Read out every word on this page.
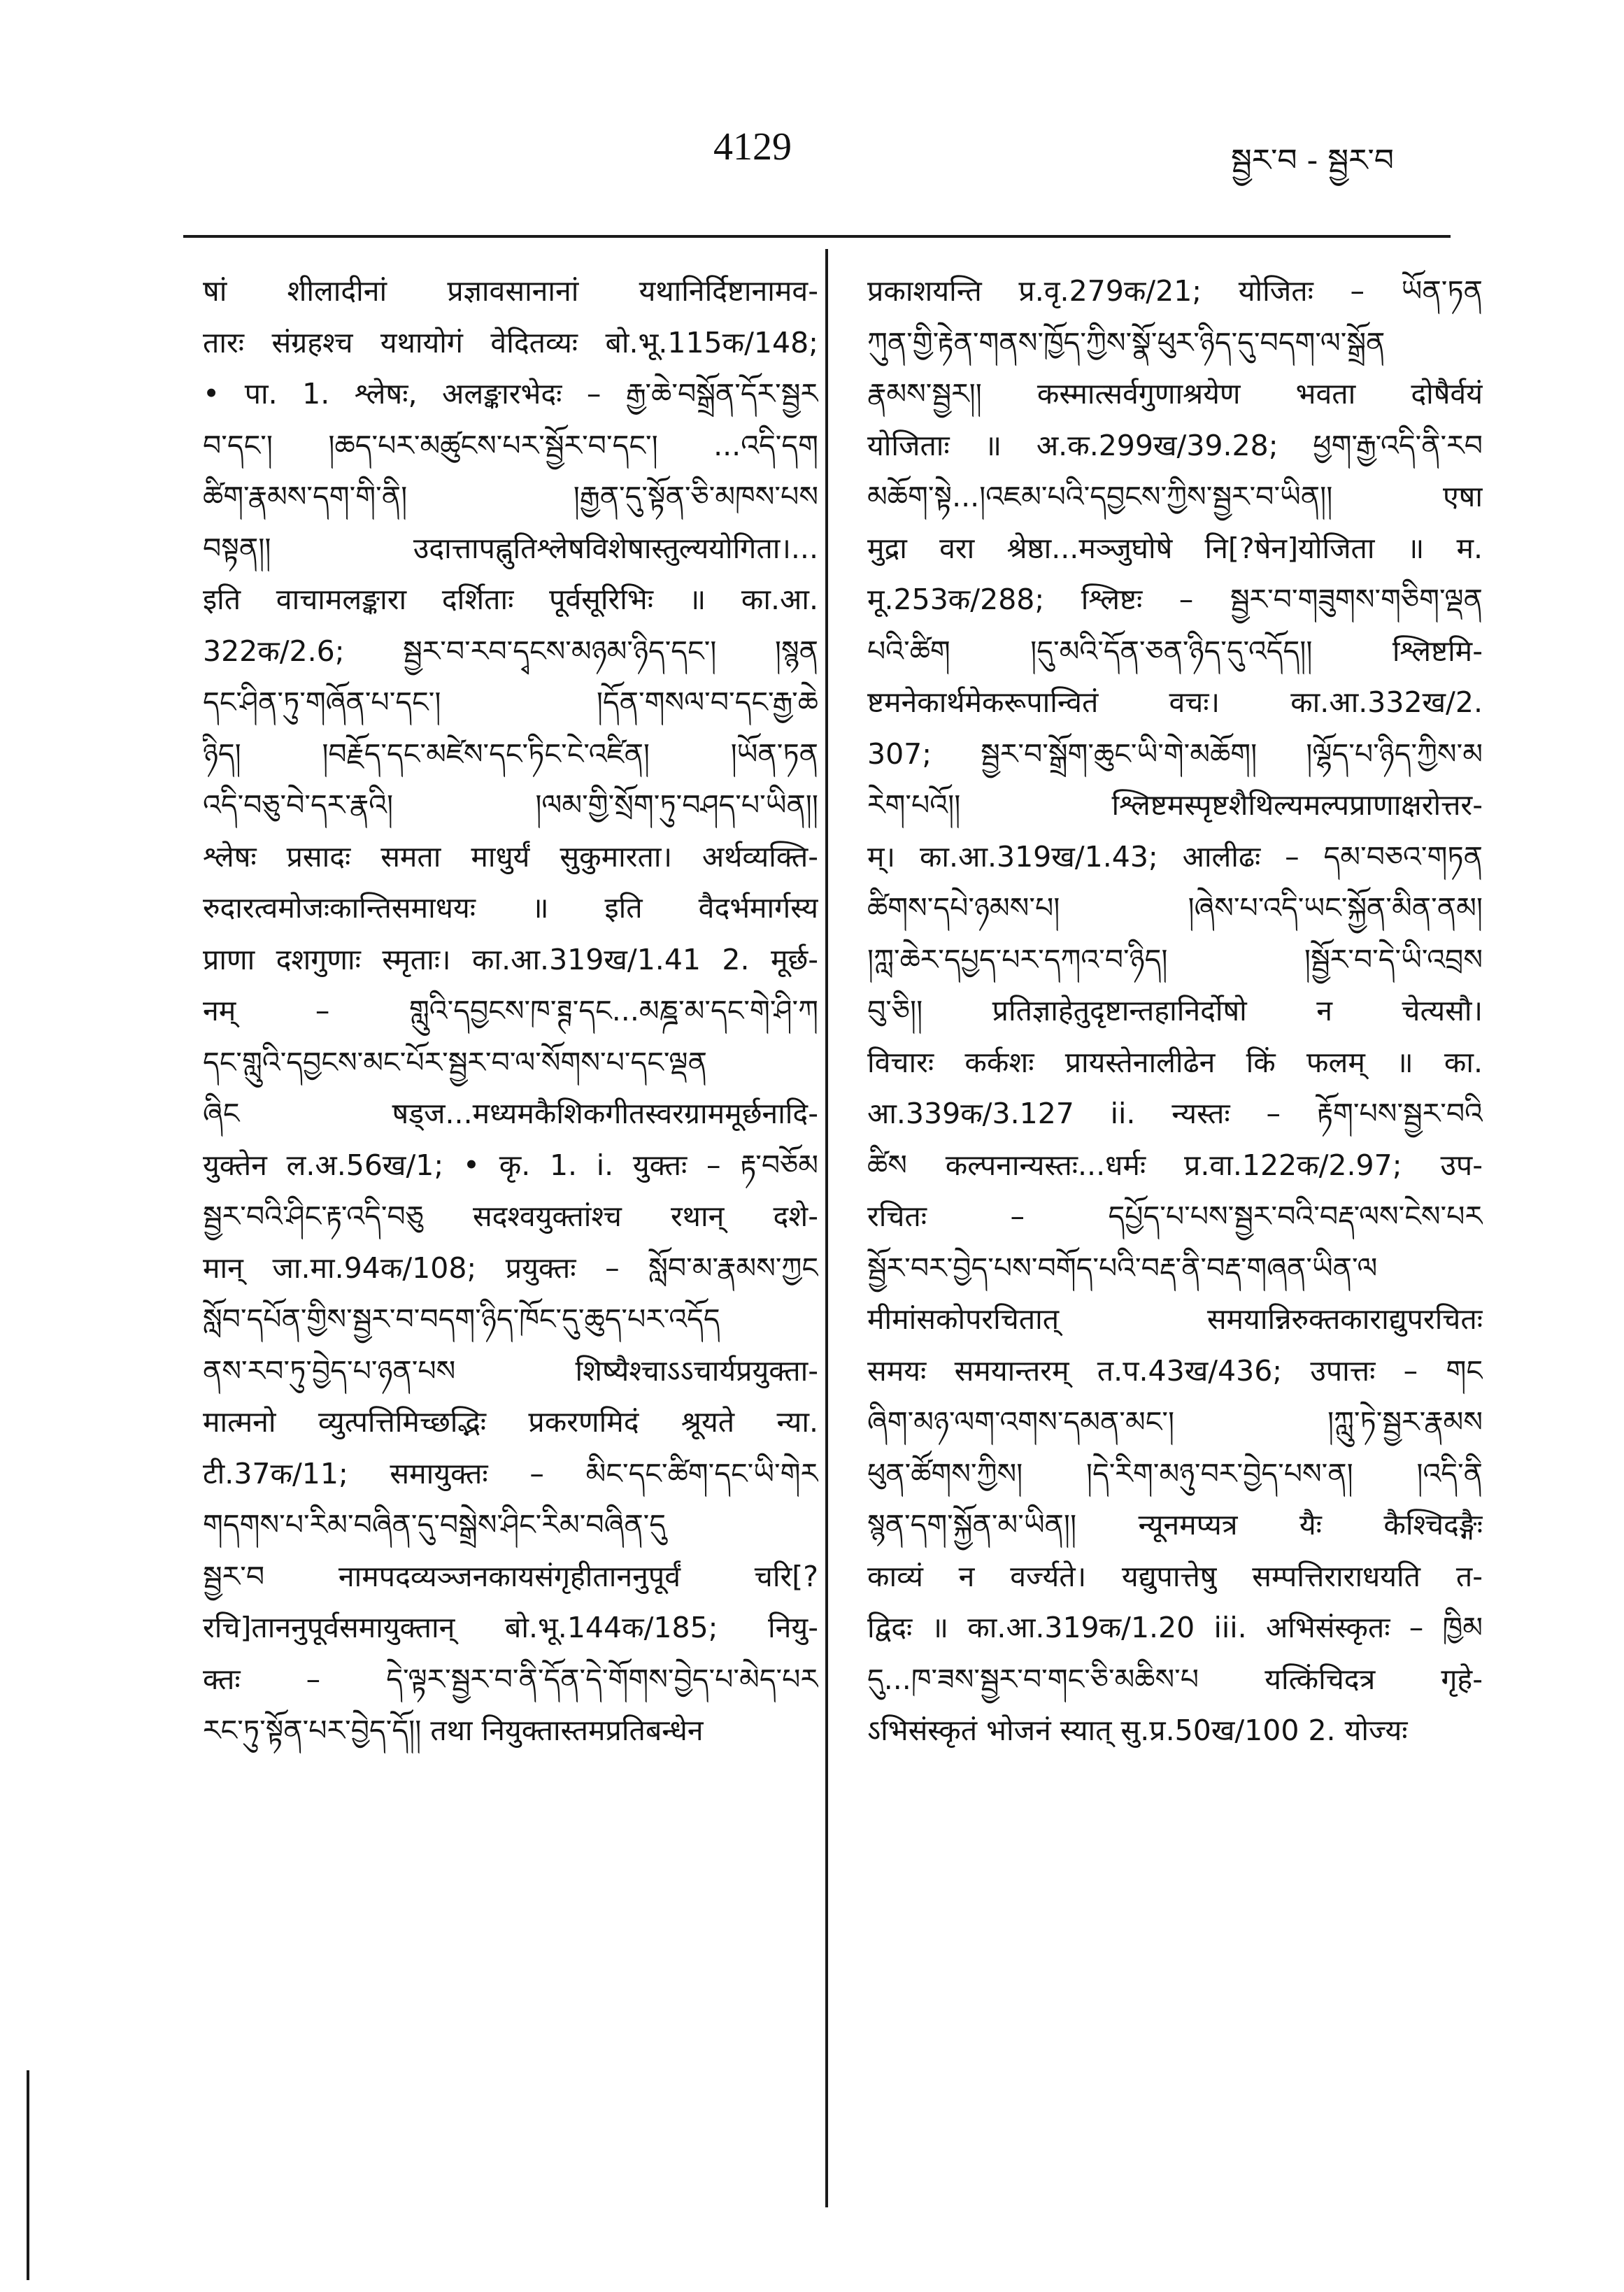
4129	སྦྱར་བ - སྦྱར་བ
षां शीलादीनां प्रज्ञावसानानां यथानिर्दिष्टानामव-
तारः संग्रहश्च यथायोगं वेदितव्यः बो.भू.115क/148;
• पा. 1. श्लेषः, अलङ्कारभेदः – རྒྱ་ཆེ་བསྒྲོན་དོར་སྦྱར
བ་དང་། །ཆད་པར་མཚུངས་པར་སྦྱོར་བ་དང་། ...འདི་དག
ཚིག་རྣམས་དག་གི་ནི། །རྒྱན་དུ་སྟོན་ཅི་མཁས་པས
བསྟན།། उदात्तापह्नुतिश्लेषविशेषास्तुल्ययोगिता।...
इति वाचामलङ्कारा दर्शिताः पूर्वसूरिभिः ॥ का.आ.
322क/2.6; སྦྱར་བ་རབ་དྭངས་མཉམ་ཉིད་དང་། །སྙན
དང་ཤིན་ཏུ་གཞོན་པ་དང་། །དོན་གསལ་བ་དང་རྒྱ་ཆེ
ཉིད། །བརྗོད་དང་མཛེས་དང་ཏིང་ངེ་འཛིན། །ཡོན་ཏན
འདི་བཅུ་བེ་དར་རྣའི། །ལམ་གྱི་སྲོག་ཏུ་བཤད་པ་ཡིན།།
श्लेषः प्रसादः समता माधुर्यं सुकुमारता। अर्थव्यक्ति-
रुदारत्वमोजःकान्तिसमाधयः ॥ इति वैदर्भमार्गस्य
प्राणा दशगुणाः स्मृताः। का.आ.319ख/1.41 2. मूर्छ-
नम् – གླུའི་དབྱངས་ཁ་ཊྚ་དང...མཎྜ་མ་དང་གེ་ཤི་ཀ
དང་གླུའི་དབྱངས་མང་པོར་སྦྱར་བ་ལ་སོགས་པ་དང་ལྡན
ཞིང षड्ज...मध्यमकैशिकगीतस्वरग्राममूर्छनादि-
युक्तेन ल.अ.56ख/1; • कृ. 1. i. युक्तः – རྟ་བཅོམ
སྦྱར་བའི་ཤིང་རྟ་འདི་བཅུ सदश्वयुक्तांश्च रथान् दशे-
मान् जा.मा.94क/108; प्रयुक्तः – སློབ་མ་རྣམས་ཀྱང
སློབ་དཔོན་གྱིས་སྦྱར་བ་བདག་ཉིད་ཁོང་དུ་ཆུད་པར་འདོད
ནས་རབ་ཏུ་བྱེད་པ་ཉན་པས शिष्यैश्चाऽऽचार्यप्रयुक्ता-
मात्मनो व्युत्पत्तिमिच्छद्भिः प्रकरणमिदं श्रूयते न्या.
टी.37क/11; समायुक्तः – མིང་དང་ཚིག་དང་ཡི་གེར
གདགས་པ་རིམ་བཞིན་དུ་བསྒྲེས་ཤིང་རིམ་བཞིན་དུ
སྦྱར་བ नामपदव्यञ्जनकायसंगृहीताननुपूर्वं चरि[?
रचि]ताननुपूर्वसमायुक्तान् बो.भू.144क/185; नियु-
क्तः – དེ་ལྟར་སྦྱར་བ་ནི་དོན་དེ་གོགས་བྱེད་པ་མེད་པར
རང་ཏུ་སྟོན་པར་བྱེད་དོ།། तथा नियुक्तास्तमप्रतिबन्धेन
प्रकाशयन्ति प्र.वृ.279क/21; योजितः – ཡོན་ཏན
ཀུན་གྱི་རྟེན་གནས་ཁྱོད་ཀྱིས་སྣོ་ཕུར་ཉིད་དུ་བདག་ལ་སྒྲོན
རྣམས་སྦྱར།། कस्मात्सर्वगुणाश्रयेण भवता दोषैर्वयं
योजिताः ॥ अ.क.299ख/39.28; ཕྱག་རྒྱ་འདི་ནི་རབ
མཆོག་སྟེ...།འཇམ་པའི་དབྱངས་ཀྱིས་སྦྱར་བ་ཡིན།། एषा
मुद्रा वरा श्रेष्ठा...मञ्जुघोषे नि[?षेन]योजिता ॥ म.
मू.253क/288; श्लिष्टः – སྦྱར་བ་གཟུགས་གཅིག་ལྡན
པའི་ཚིག །དུ་མའི་དོན་ཅན་ཉིད་དུ་འདོད།། श्लिष्टमि-
ष्टमनेकार्थमेकरूपान्वितं वचः। का.आ.332ख/2.
307; སྦྱར་བ་སྒྲོག་ཆུང་ཡི་གེ་མཆོག། །ལྷོད་པ་ཉིད་ཀྱིས་མ
རེག་པའོ།། श्लिष्टमस्पृष्टशैथिल्यमल्पप्राणाक्षरोत्तर-
म्। का.आ.319ख/1.43; आलीढः – དམ་བཅའ་གཏན
ཚིགས་དཔེ་ཉམས་པ། །ཞེས་པ་འདི་ཡང་སྐྱོན་མིན་ནམ།
།ཀླ་ཆེར་དཔྱད་པར་དཀའ་བ་ཉིད། །སྦྱོར་བ་དེ་ཡི་འབྲས
བུ་ཅི།། प्रतिज्ञाहेतुदृष्टान्तहानिर्दोषो न चेत्यसौ।
विचारः कर्कशः प्रायस्तेनालीढेन किं फलम् ॥ का.
आ.339क/3.127 ii. न्यस्तः – རྟོག་པས་སྦྱར་བའི
ཚིས कल्पनान्यस्तः...धर्मः प्र.वा.122क/2.97; उप-
रचितः – དཔྱོད་པ་པས་སྦྱར་བའི་བརྡ་ལས་ངེས་པར
སྦྱོར་བར་བྱེད་པས་བགོད་པའི་བརྡ་ནི་བརྡ་གཞན་ཡིན་ལ
मीमांसकोपरचितात् समयान्निरुक्तकाराद्युपरचितः
समयः समयान्तरम् त.प.43ख/436; उपात्तः – གང
ཞིག་མཉ་ལག་འགས་དམན་མང་། །ཀླུ་ཏེ་སྦྱར་རྣམས
ཕུན་ཚོགས་ཀྱིས། །དེ་རིག་མཉུ་བར་བྱེད་པས་ན། །འདི་ནི
སྙན་དག་སྐྱོན་མ་ཡིན།། न्यूनमप्यत्र यैः कैश्चिदङ्गैः
काव्यं न वर्ज्यते। यद्युपात्तेषु सम्पत्तिराराधयति त-
द्विदः ॥ का.आ.319क/1.20 iii. अभिसंस्कृतः – ཁྱིམ
དུ...ཁ་ཟས་སྦྱར་བ་གང་ཅི་མཆིས་པ यत्किंचिदत्र गृहे-
ऽभिसंस्कृतं भोजनं स्यात् सु.प्र.50ख/100 2. योज्यः
